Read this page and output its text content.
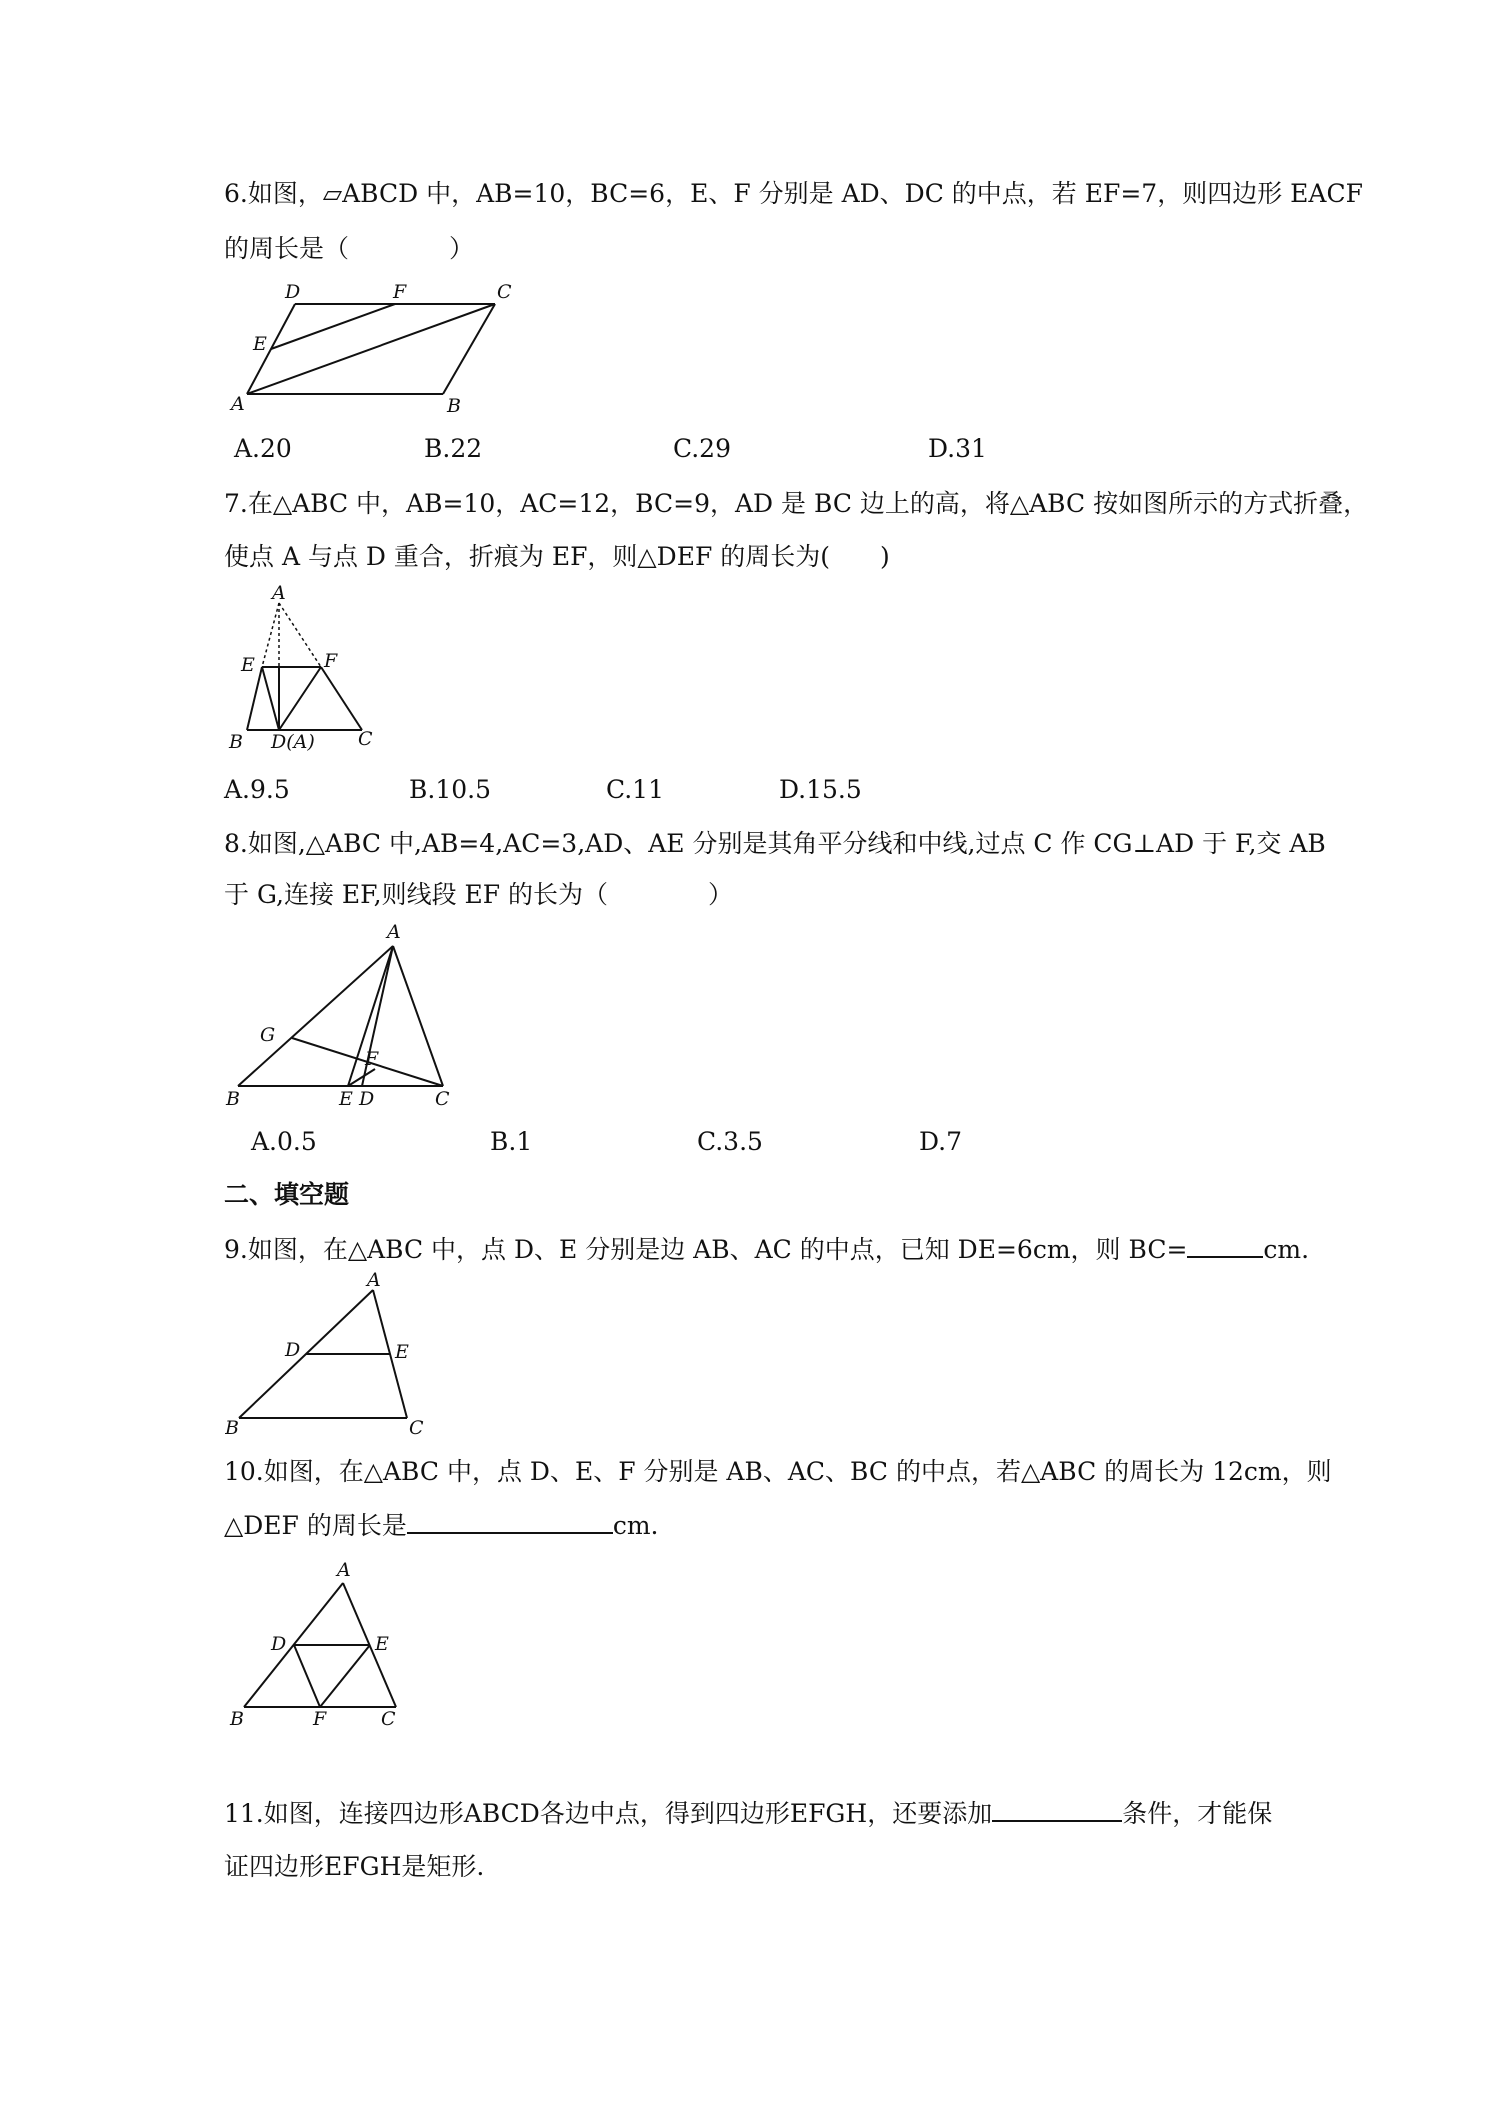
6.如图，▱ABCD 中，AB=10，BC=6，E、F 分别是 AD、DC 的中点，若 EF=7，则四边形 EACF
的周长是（　　　　）
D	F	C
E
A	B
A.20	B.22	C.29	D.31
7.在△ABC 中，AB=10，AC=12，BC=9，AD 是 BC 边上的高，将△ABC 按如图所示的方式折叠，
使点 A 与点 D 重合，折痕为 EF，则△DEF 的周长为(　　)
A
E	F
B D(A) C
A.9.5	B.10.5	C.11	D.15.5
8.如图,△ABC 中,AB=4,AC=3,AD、AE 分别是其角平分线和中线,过点 C 作 CG⊥AD 于 F,交 AB
于 G,连接 EF,则线段 EF 的长为（　　　　）
A
G
F
B	E D	C
A.0.5	B.1	C.3.5	D.7
二、填空题
9.如图，在△ABC 中，点 D、E 分别是边 AB、AC 的中点，已知 DE=6cm，则 BC=	cm.
A
D	E
B	C
10.如图，在△ABC 中，点 D、E、F 分别是 AB、AC、BC 的中点，若△ABC 的周长为 12cm，则
△DEF 的周长是	cm.
A
D	E
B	F	C
11.如图，连接四边形ABCD各边中点，得到四边形EFGH，还要添加	条件，才能保
证四边形EFGH是矩形.
